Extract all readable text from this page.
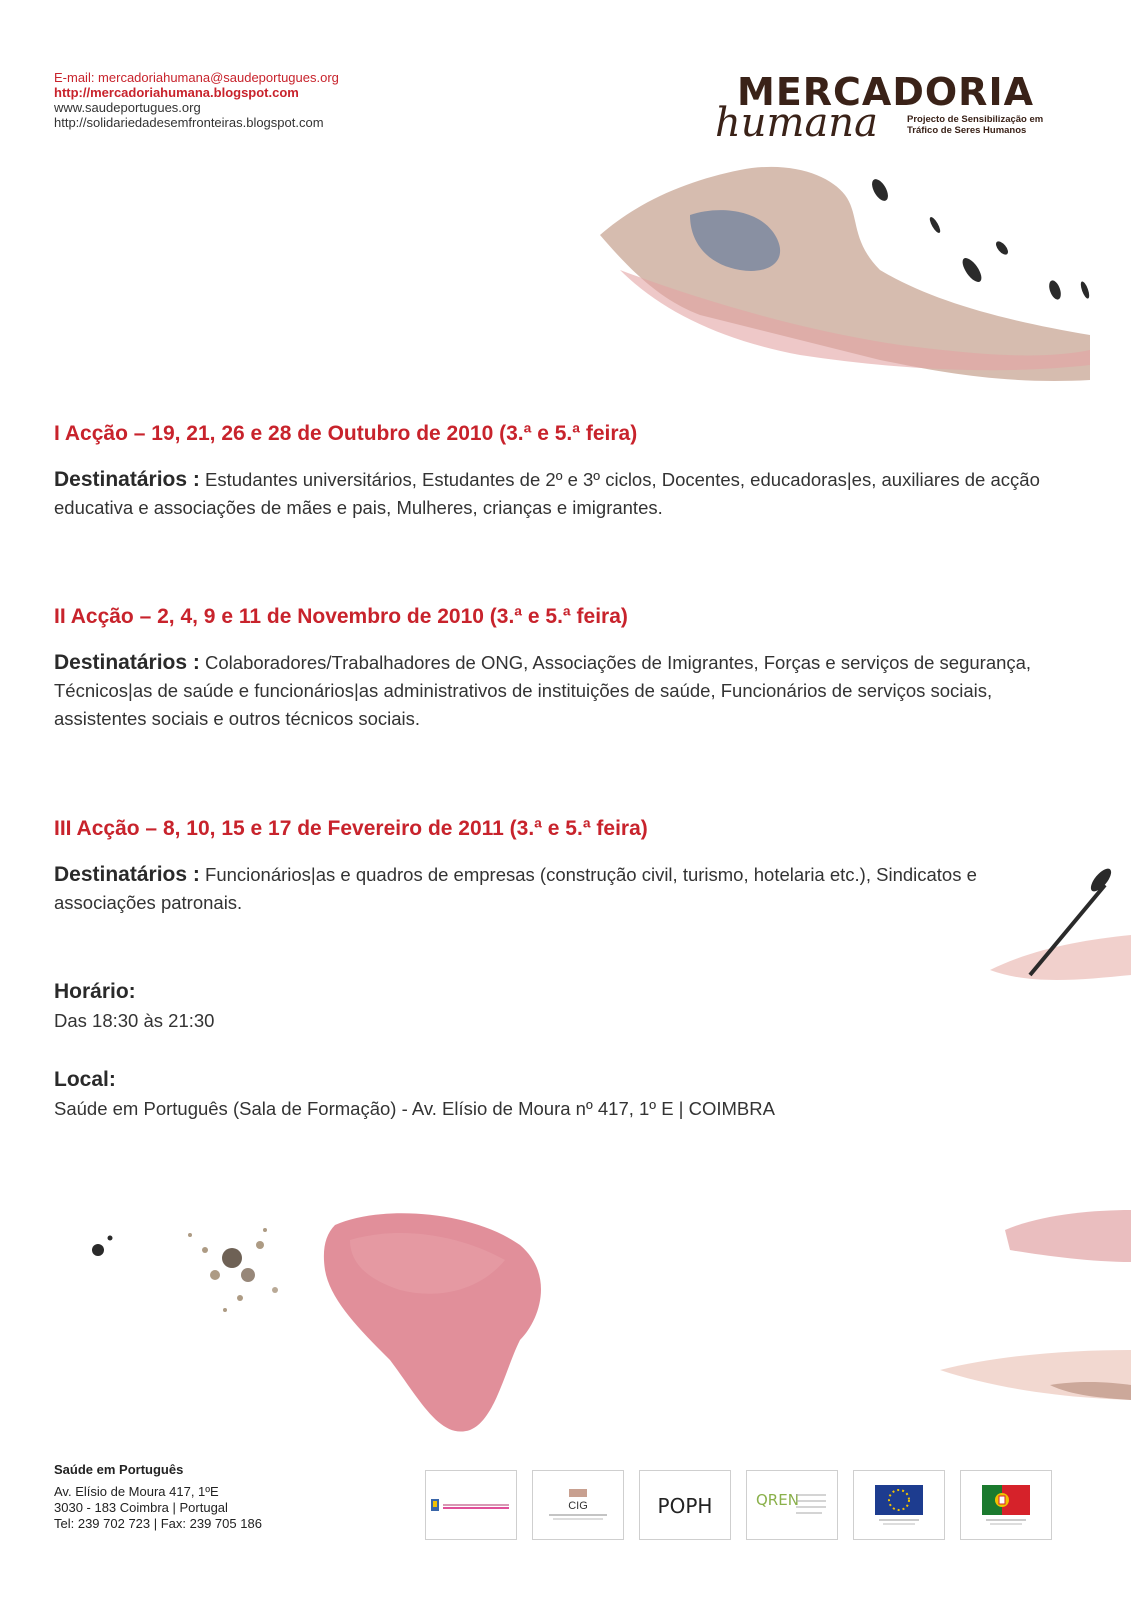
E-mail: mercadoriahumana@saudeportugues.org
http://mercadoriahumana.blogspot.com
www.saudeportugues.org
http://solidariedadesemfronteiras.blogspot.com
MERCADORIA
humana	Projecto de Sensibilização em
Tráfico de Seres Humanos
I Acção – 19, 21, 26 e 28 de Outubro de 2010 (3.ª e 5.ª feira)
Destinatários : Estudantes universitários, Estudantes de 2º e 3º ciclos, Docentes, educadoras|es, auxiliares de acção educativa e associações de mães e pais, Mulheres, crianças e imigrantes.
II Acção – 2, 4, 9 e 11 de Novembro de 2010 (3.ª e 5.ª feira)
Destinatários : Colaboradores/Trabalhadores de ONG, Associações de Imigrantes, Forças e serviços de segurança, Técnicos|as de saúde e funcionários|as administrativos de instituições de saúde, Funcionários de serviços sociais, assistentes sociais e outros técnicos sociais.
III Acção – 8, 10, 15 e 17 de Fevereiro de 2011 (3.ª e 5.ª feira)
Destinatários : Funcionários|as e quadros de empresas (construção civil, turismo, hotelaria etc.), Sindicatos e associações patronais.
Horário:
Das 18:30 às 21:30
Local:
Saúde em Português (Sala de Formação) - Av. Elísio de Moura nº 417, 1º E | COIMBRA
Saúde em Português
Av. Elísio de Moura 417, 1ºE
3030 - 183 Coimbra | Portugal
Tel: 239 702 723 | Fax: 239 705 186
CIG	POPH	QREN
